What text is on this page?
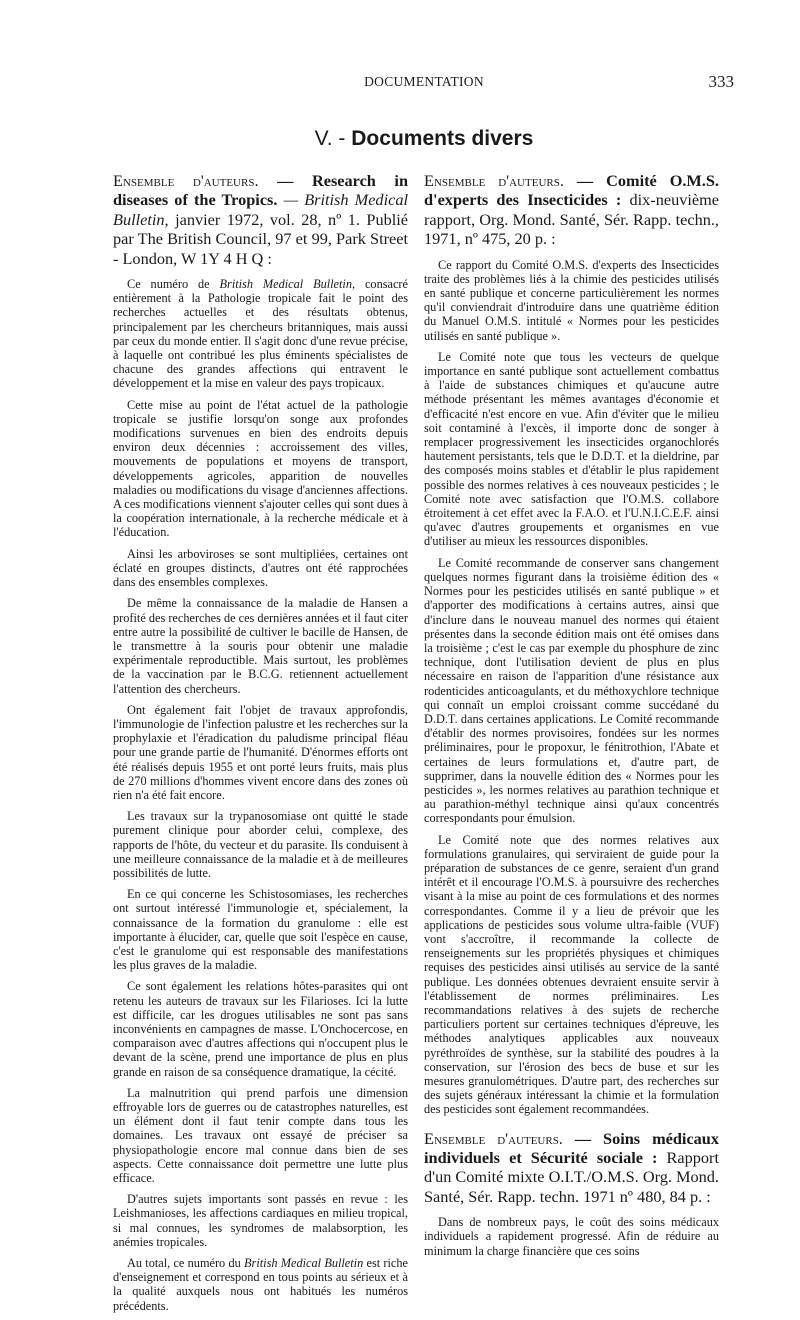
DOCUMENTATION	333
V. - Documents divers
Ensemble d'auteurs. — Research in diseases of the Tropics. — British Medical Bulletin, janvier 1972, vol. 28, nº 1. Publié par The British Council, 97 et 99, Park Street - London, W 1Y 4 H Q :

Ce numéro de British Medical Bulletin, consacré entièrement à la Pathologie tropicale fait le point des recherches actuelles et des résultats obtenus, principalement par les chercheurs britanniques, mais aussi par ceux du monde entier. Il s'agit donc d'une revue précise, à laquelle ont contribué les plus éminents spécialistes de chacune des grandes affections qui entravent le développement et la mise en valeur des pays tropicaux.

Cette mise au point de l'état actuel de la pathologie tropicale se justifie lorsqu'on songe aux profondes modifications survenues en bien des endroits depuis environ deux décennies : accroissement des villes, mouvements de populations et moyens de transport, développements agricoles, apparition de nouvelles maladies ou modifications du visage d'anciennes affections. A ces modifications viennent s'ajouter celles qui sont dues à la coopération internationale, à la recherche médicale et à l'éducation.

Ainsi les arboviroses se sont multipliées, certaines ont éclaté en groupes distincts, d'autres ont été rapprochées dans des ensembles complexes.

De même la connaissance de la maladie de Hansen a profité des recherches de ces dernières années et il faut citer entre autre la possibilité de cultiver le bacille de Hansen, de le transmettre à la souris pour obtenir une maladie expérimentale reproductible. Mais surtout, les problèmes de la vaccination par le B.C.G. retiennent actuellement l'attention des chercheurs.

Ont également fait l'objet de travaux approfondis, l'immunologie de l'infection palustre et les recherches sur la prophylaxie et l'éradication du paludisme principal fléau pour une grande partie de l'humanité. D'énormes efforts ont été réalisés depuis 1955 et ont porté leurs fruits, mais plus de 270 millions d'hommes vivent encore dans des zones où rien n'a été fait encore.

Les travaux sur la trypanosomiase ont quitté le stade purement clinique pour aborder celui, complexe, des rapports de l'hôte, du vecteur et du parasite. Ils conduisent à une meilleure connaissance de la maladie et à de meilleures possibilités de lutte.

En ce qui concerne les Schistosomiases, les recherches ont surtout intéressé l'immunologie et, spécialement, la connaissance de la formation du granulome : elle est importante à élucider, car, quelle que soit l'espèce en cause, c'est le granulome qui est responsable des manifestations les plus graves de la maladie.

Ce sont également les relations hôtes-parasites qui ont retenu les auteurs de travaux sur les Filarioses. Ici la lutte est difficile, car les drogues utilisables ne sont pas sans inconvénients en campagnes de masse. L'Onchocercose, en comparaison avec d'autres affections qui n'occupent plus le devant de la scène, prend une importance de plus en plus grande en raison de sa conséquence dramatique, la cécité.

La malnutrition qui prend parfois une dimension effroyable lors de guerres ou de catastrophes naturelles, est un élément dont il faut tenir compte dans tous les domaines. Les travaux ont essayé de préciser sa physiopathologie encore mal connue dans bien de ses aspects. Cette connaissance doit permettre une lutte plus efficace.

D'autres sujets importants sont passés en revue : les Leishmanioses, les affections cardiaques en milieu tropical, si mal connues, les syndromes de malabsorption, les anémies tropicales.

Au total, ce numéro du British Medical Bulletin est riche d'enseignement et correspond en tous points au sérieux et à la qualité auxquels nous ont habitués les numéros précédents.

Ensemble d'auteurs. — Comité O.M.S. d'experts des Insecticides : dix-neuvième rapport, Org. Mond. Santé, Sér. Rapp. techn., 1971, nº 475, 20 p. :

Ce rapport du Comité O.M.S. d'experts des Insecticides traite des problèmes liés à la chimie des pesticides utilisés en santé publique et concerne particulièrement les normes qu'il conviendrait d'introduire dans une quatrième édition du Manuel O.M.S. intitulé « Normes pour les pesticides utilisés en santé publique ».

Le Comité note que tous les vecteurs de quelque importance en santé publique sont actuellement combattus à l'aide de substances chimiques et qu'aucune autre méthode présentant les mêmes avantages d'économie et d'efficacité n'est encore en vue. Afin d'éviter que le milieu soit contaminé à l'excès, il importe donc de songer à remplacer progressivement les insecticides organochlorés hautement persistants, tels que le D.D.T. et la dieldrine, par des composés moins stables et d'établir le plus rapidement possible des normes relatives à ces nouveaux pesticides ; le Comité note avec satisfaction que l'O.M.S. collabore étroitement à cet effet avec la F.A.O. et l'U.N.I.C.E.F. ainsi qu'avec d'autres groupements et organismes en vue d'utiliser au mieux les ressources disponibles.

Le Comité recommande de conserver sans changement quelques normes figurant dans la troisième édition des « Normes pour les pesticides utilisés en santé publique » et d'apporter des modifications à certains autres, ainsi que d'inclure dans le nouveau manuel des normes qui étaient présentes dans la seconde édition mais ont été omises dans la troisième ; c'est le cas par exemple du phosphure de zinc technique, dont l'utilisation devient de plus en plus nécessaire en raison de l'apparition d'une résistance aux rodenticides anticoagulants, et du méthoxychlore technique qui connaît un emploi croissant comme succédané du D.D.T. dans certaines applications. Le Comité recommande d'établir des normes provisoires, fondées sur les normes préliminaires, pour le propoxur, le fénitrothion, l'Abate et certaines de leurs formulations et, d'autre part, de supprimer, dans la nouvelle édition des « Normes pour les pesticides », les normes relatives au parathion technique et au parathion-méthyl technique ainsi qu'aux concentrés correspondants pour émulsion.

Le Comité note que des normes relatives aux formulations granulaires, qui serviraient de guide pour la préparation de substances de ce genre, seraient d'un grand intérêt et il encourage l'O.M.S. à poursuivre des recherches visant à la mise au point de ces formulations et des normes correspondantes. Comme il y a lieu de prévoir que les applications de pesticides sous volume ultra-faible (VUF) vont s'accroître, il recommande la collecte de renseignements sur les propriétés physiques et chimiques requises des pesticides ainsi utilisés au service de la santé publique. Les données obtenues devraient ensuite servir à l'établissement de normes préliminaires. Les recommandations relatives à des sujets de recherche particuliers portent sur certaines techniques d'épreuve, les méthodes analytiques applicables aux nouveaux pyréthroïdes de synthèse, sur la stabilité des poudres à la conservation, sur l'érosion des becs de buse et sur les mesures granulométriques. D'autre part, des recherches sur des sujets généraux intéressant la chimie et la formulation des pesticides sont également recommandées.

Ensemble d'auteurs. — Soins médicaux individuels et Sécurité sociale : Rapport d'un Comité mixte O.I.T./O.M.S. Org. Mond. Santé, Sér. Rapp. techn. 1971 nº 480, 84 p. :

Dans de nombreux pays, le coût des soins médicaux individuels a rapidement progressé. Afin de réduire au minimum la charge financière que ces soins
